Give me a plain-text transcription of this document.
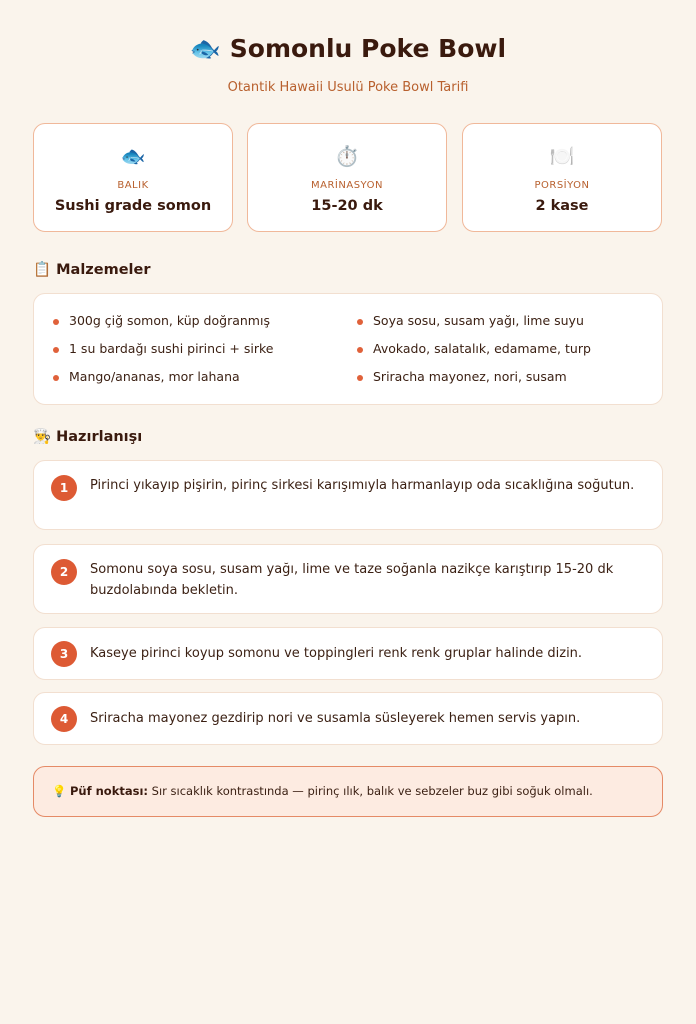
🐟 Somonlu Poke Bowl
Otantik Hawaii Usulü Poke Bowl Tarifi
🐟
BALIK
Sushi grade somon
⏱️
MARİNASYON
15-20 dk
🍽️
PORSİYON
2 kase
📋 Malzemeler
300g çiğ somon, küp doğranmış	Soya sosu, susam yağı, lime suyu
1 su bardağı sushi pirinci + sirke	Avokado, salatalık, edamame, turp
Mango/ananas, mor lahana	Sriracha mayonez, nori, susam
👨‍🍳 Hazırlanışı
1	Pirinci yıkayıp pişirin, pirinç sirkesi karışımıyla harmanlayıp oda sıcaklığına soğutun.
2	Somonu soya sosu, susam yağı, lime ve taze soğanla nazikçe karıştırıp 15-20 dk buzdolabında bekletin.
3	Kaseye pirinci koyup somonu ve toppingleri renk renk gruplar halinde dizin.
4	Sriracha mayonez gezdirip nori ve susamla süsleyerek hemen servis yapın.
💡 Püf noktası: Sır sıcaklık kontrastında — pirinç ılık, balık ve sebzeler buz gibi soğuk olmalı.
